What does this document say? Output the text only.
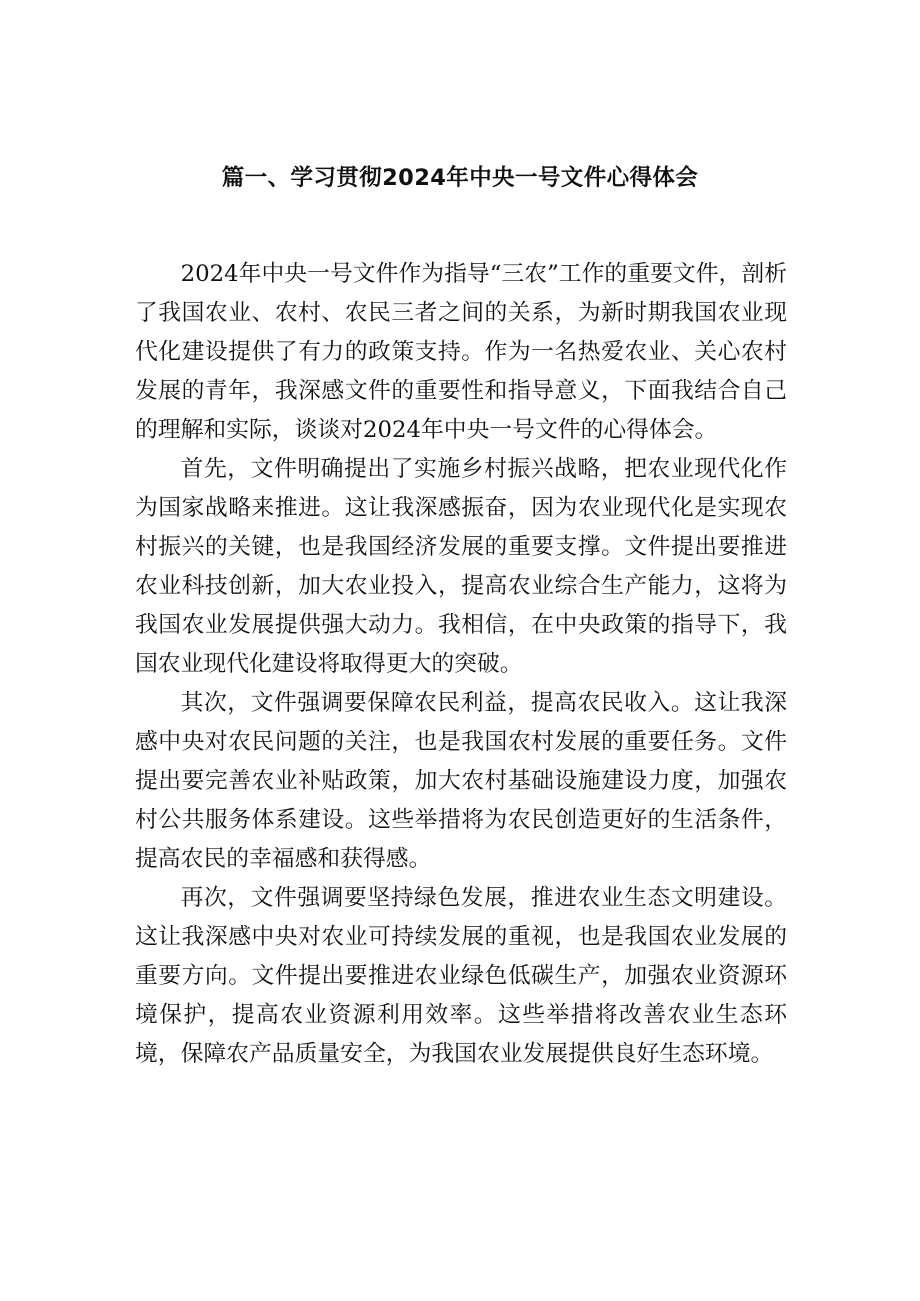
篇一、学习贯彻2024年中央一号文件心得体会

2024年中央一号文件作为指导“三农”工作的重要文件，剖析了我国农业、农村、农民三者之间的关系，为新时期我国农业现代化建设提供了有力的政策支持。作为一名热爱农业、关心农村发展的青年，我深感文件的重要性和指导意义，下面我结合自己的理解和实际，谈谈对2024年中央一号文件的心得体会。

首先，文件明确提出了实施乡村振兴战略，把农业现代化作为国家战略来推进。这让我深感振奋，因为农业现代化是实现农村振兴的关键，也是我国经济发展的重要支撑。文件提出要推进农业科技创新，加大农业投入，提高农业综合生产能力，这将为我国农业发展提供强大动力。我相信，在中央政策的指导下，我国农业现代化建设将取得更大的突破。

其次，文件强调要保障农民利益，提高农民收入。这让我深感中央对农民问题的关注，也是我国农村发展的重要任务。文件提出要完善农业补贴政策，加大农村基础设施建设力度，加强农村公共服务体系建设。这些举措将为农民创造更好的生活条件，提高农民的幸福感和获得感。

再次，文件强调要坚持绿色发展，推进农业生态文明建设。这让我深感中央对农业可持续发展的重视，也是我国农业发展的重要方向。文件提出要推进农业绿色低碳生产，加强农业资源环境保护，提高农业资源利用效率。这些举措将改善农业生态环境，保障农产品质量安全，为我国农业发展提供良好生态环境。
